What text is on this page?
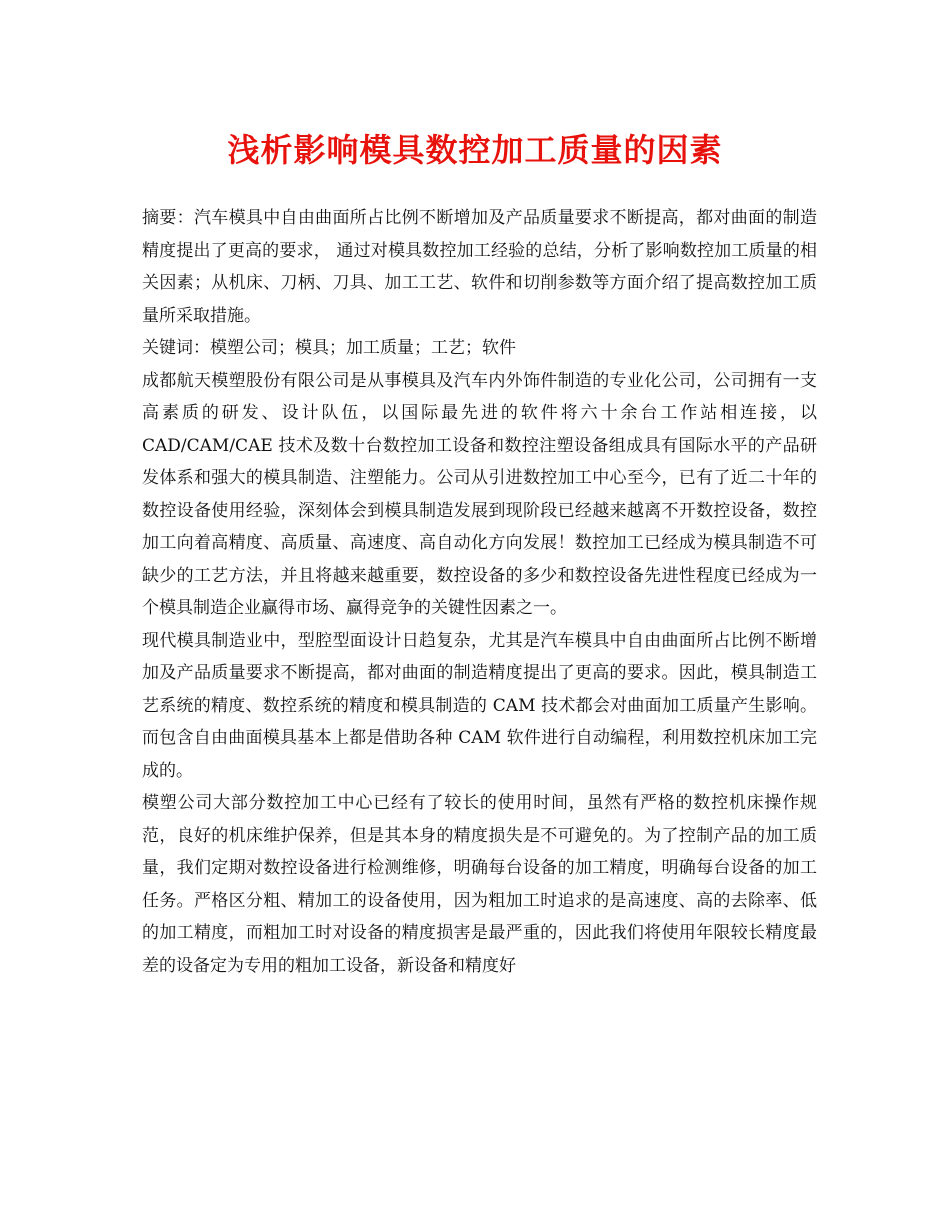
浅析影响模具数控加工质量的因素

摘要：汽车模具中自由曲面所占比例不断增加及产品质量要求不断提高，都对曲面的制造精度提出了更高的要求， 通过对模具数控加工经验的总结，分析了影响数控加工质量的相关因素；从机床、刀柄、刀具、加工工艺、软件和切削参数等方面介绍了提高数控加工质量所采取措施。

关键词：模塑公司；模具；加工质量；工艺；软件

成都航天模塑股份有限公司是从事模具及汽车内外饰件制造的专业化公司，公司拥有一支高素质的研发、设计队伍，以国际最先进的软件将六十余台工作站相连接，以 CAD/CAM/CAE 技术及数十台数控加工设备和数控注塑设备组成具有国际水平的产品研发体系和强大的模具制造、注塑能力。公司从引进数控加工中心至今，已有了近二十年的数控设备使用经验，深刻体会到模具制造发展到现阶段已经越来越离不开数控设备，数控加工向着高精度、高质量、高速度、高自动化方向发展！数控加工已经成为模具制造不可缺少的工艺方法，并且将越来越重要，数控设备的多少和数控设备先进性程度已经成为一个模具制造企业赢得市场、赢得竞争的关键性因素之一。

现代模具制造业中，型腔型面设计日趋复杂，尤其是汽车模具中自由曲面所占比例不断增加及产品质量要求不断提高，都对曲面的制造精度提出了更高的要求。因此，模具制造工艺系统的精度、数控系统的精度和模具制造的 CAM 技术都会对曲面加工质量产生影响。而包含自由曲面模具基本上都是借助各种 CAM 软件进行自动编程，利用数控机床加工完成的。

模塑公司大部分数控加工中心已经有了较长的使用时间，虽然有严格的数控机床操作规范，良好的机床维护保养，但是其本身的精度损失是不可避免的。为了控制产品的加工质量，我们定期对数控设备进行检测维修，明确每台设备的加工精度，明确每台设备的加工任务。严格区分粗、精加工的设备使用，因为粗加工时追求的是高速度、高的去除率、低的加工精度，而粗加工时对设备的精度损害是最严重的，因此我们将使用年限较长精度最差的设备定为专用的粗加工设备，新设备和精度好
